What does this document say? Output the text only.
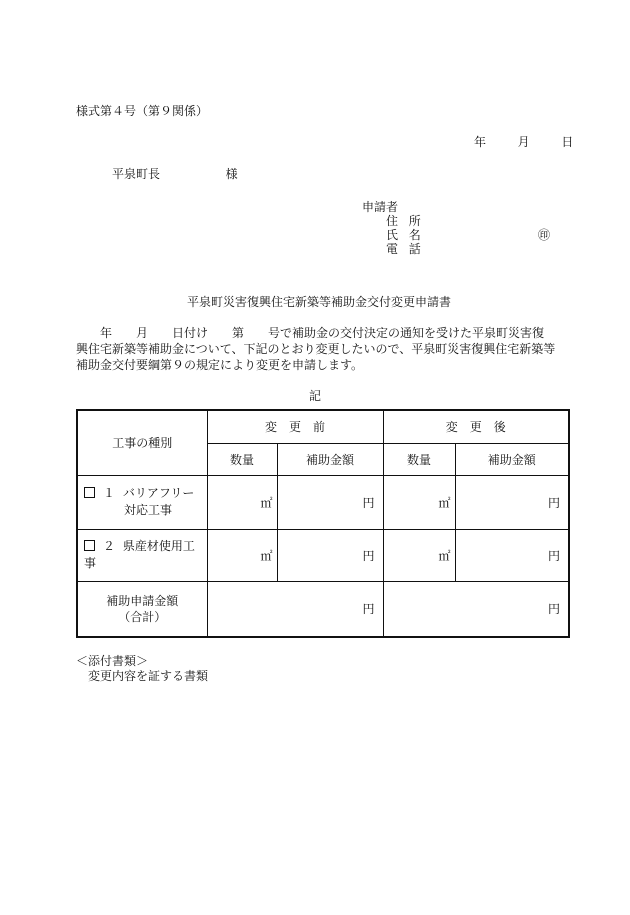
様式第４号（第９関係）
年	月	日
平泉町長	様
申請者
住所
氏名	㊞
電話
平泉町災害復興住宅新築等補助金交付変更申請書
　　年　　月　　日付け　　第　　号で補助金の交付決定の通知を受けた平泉町災害復
興住宅新築等補助金について、下記のとおり変更したいので、平泉町災害復興住宅新築等
補助金交付要綱第９の規定により変更を申請します。
記
工事の種別	変　更　前		変　更　後	
	数量	補助金額	数量	補助金額
１ バリアフリー
対応工事	㎡	円	㎡	円
２ 県産材使用工事	㎡	円	㎡	円
補助申請金額
（合計）	円		円	
＜添付書類＞
変更内容を証する書類
